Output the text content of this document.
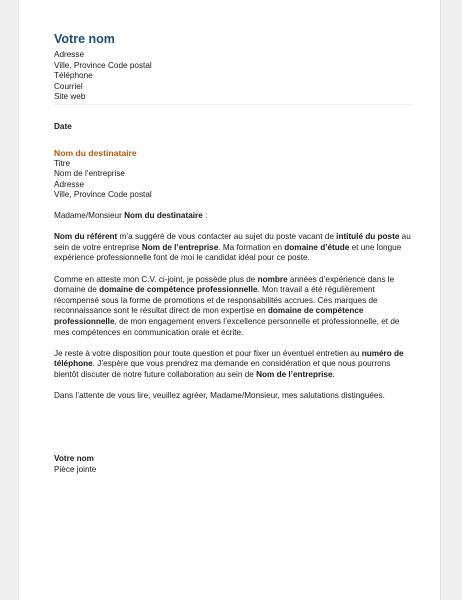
Votre nom
Adresse
Ville, Province Code postal
Téléphone
Courriel
Site web
Date
Nom du destinataire
Titre
Nom de l’entreprise
Adresse
Ville, Province Code postal

Madame/Monsieur Nom du destinataire :

Nom du référent m’a suggéré de vous contacter au sujet du poste vacant de intitulé du poste au sein de votre entreprise Nom de l’entreprise. Ma formation en domaine d’étude et une longue expérience professionnelle font de moi le candidat idéal pour ce poste.

Comme en atteste mon C.V. ci-joint, je possède plus de nombre années d’expérience dans le domaine de domaine de compétence professionnelle. Mon travail a été régulièrement récompensé sous la forme de promotions et de responsabilités accrues. Ces marques de reconnaissance sont le résultat direct de mon expertise en domaine de compétence professionnelle, de mon engagement envers l’excellence personnelle et professionnelle, et de mes compétences en communication orale et écrite.

Je reste à votre disposition pour toute question et pour fixer un éventuel entretien au numéro de téléphone. J’espère que vous prendrez ma demande en considération et que nous pourrons bientôt discuter de notre future collaboration au sein de Nom de l’entreprise.

Dans l’attente de vous lire, veuillez agréer, Madame/Monsieur, mes salutations distinguées.

Votre nom
Pièce jointe
